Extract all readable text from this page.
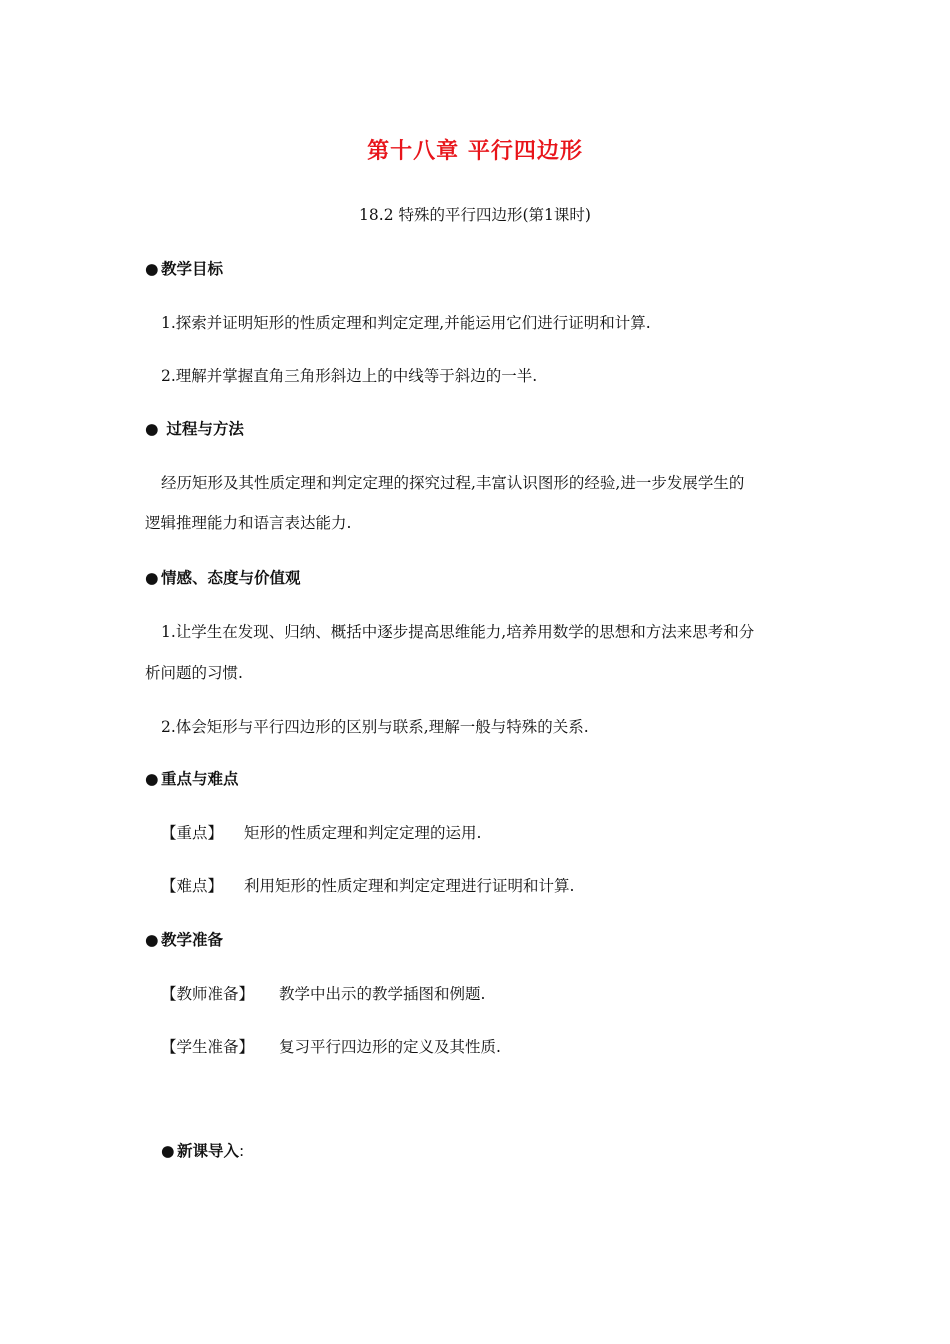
第十八章 平行四边形
18.2 特殊的平行四边形(第1课时)
● 教学目标
1.探索并证明矩形的性质定理和判定定理,并能运用它们进行证明和计算.
2.理解并掌握直角三角形斜边上的中线等于斜边的一半.
● 过程与方法
经历矩形及其性质定理和判定定理的探究过程,丰富认识图形的经验,进一步发展学生的
逻辑推理能力和语言表达能力.
● 情感、态度与价值观
1.让学生在发现、归纳、概括中逐步提高思维能力,培养用数学的思想和方法来思考和分
析问题的习惯.
2.体会矩形与平行四边形的区别与联系,理解一般与特殊的关系.
● 重点与难点
【重点】 矩形的性质定理和判定定理的运用.
【难点】 利用矩形的性质定理和判定定理进行证明和计算.
● 教学准备
【教师准备】 教学中出示的教学插图和例题.
【学生准备】 复习平行四边形的定义及其性质.
● 新课导入:
